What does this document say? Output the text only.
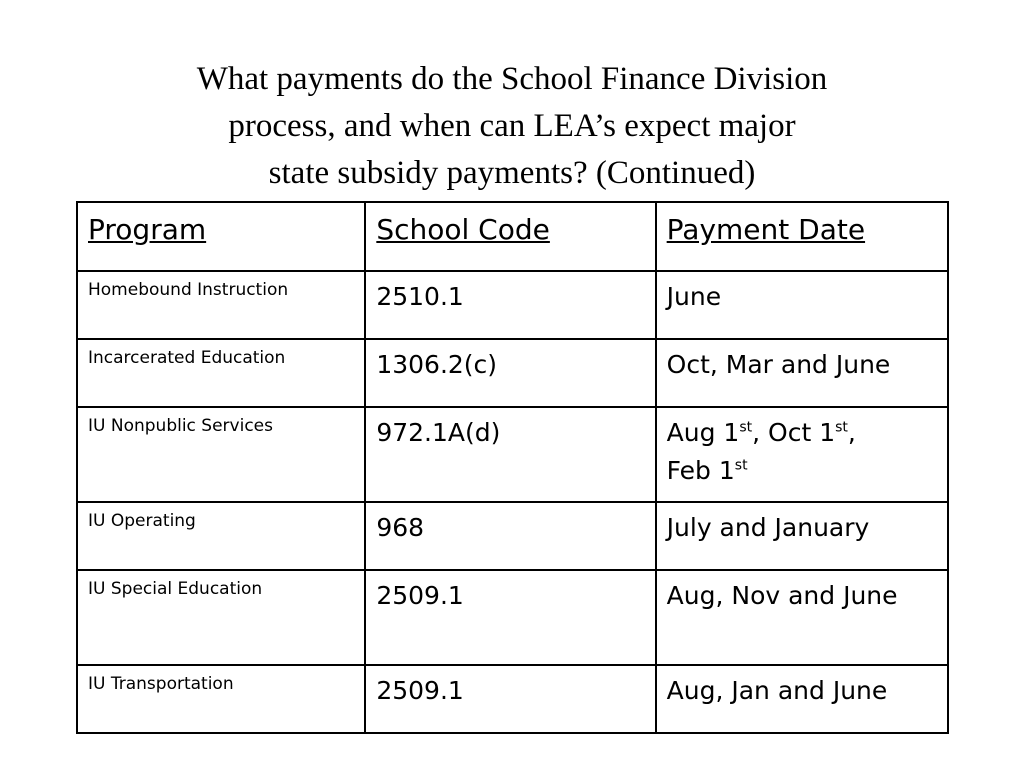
What payments do the School Finance Division
process, and when can LEA’s expect major
state subsidy payments? (Continued)
Program	School Code	Payment Date
Homebound Instruction	2510.1	June
Incarcerated Education	1306.2(c)	Oct, Mar and June
IU Nonpublic Services	972.1A(d)	Aug 1st, Oct 1st,
Feb 1st
IU Operating	968	July and January
IU Special Education	2509.1	Aug, Nov and June
IU Transportation	2509.1	Aug, Jan and June
